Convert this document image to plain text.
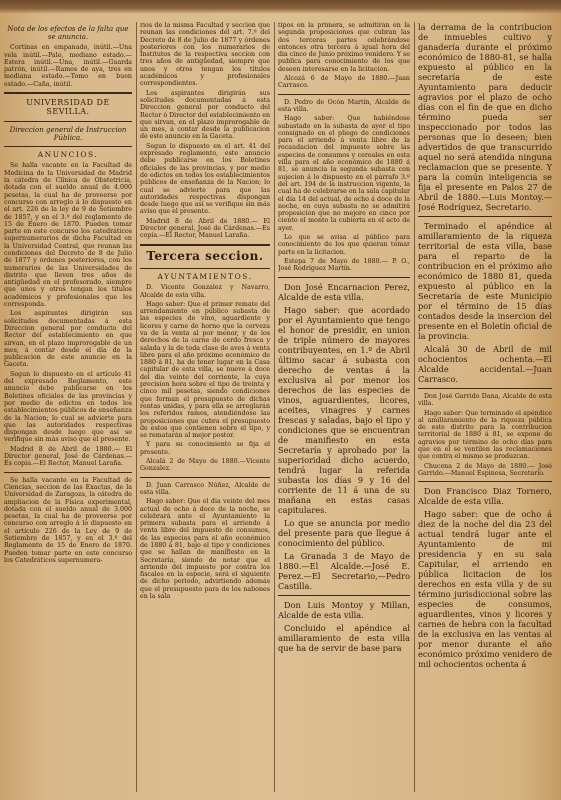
Nota de los efectos de la falta que se anuncia.

Cortinas en empanado, inútil.—Una vela inútil.—Palo, mediano estado.—Estera inútil.—Una, inútil.—Guarda patrón, inútil.—Ramos de aya, tres en mediana estado.—Tomo en buen estado.—Caña, inútil.

UNIVERSIDAD DE SEVILLA.
Direccion general de Instruccion Pública.
ANUNCIOS.

Se halla vacante en la Facultad de Medicina de la Universidad de Madrid la cátedra de Clínica de Obstetricia, dotada con el sueldo anual de 4.000 pesetas, la cual ha de proveerse por concurso con arreglo á lo dispuesto en el art. 226 de la ley de 9 de Setiembre de 1857, y en el 3.º del reglamento de 15 de Enero de 1870. Pueden tomar parte en este concurso los catedráticos supernumerarios de dicha Facultad en la Universidad Central, que reunan las condiciones del Decreto de 8 de Julio de 1877 y órdenes posteriores, con los numerarios de las Universidades de distrito que lleven tres años de antigüedad en el profesorado, siempre que unos y otros tengan los títulos académicos y profesionales que les corresponda.

Los aspirantes dirigirán sus solicitudes documentadas á esta Direccion general por conducto del Rector del establecimiento en que sirvan, en el plazo improrogable de un mes, á contar desde el día de la publicacion de este anuncio en la Gaceta.

Segun lo dispuesto en el artículo 41 del expresado Reglamento, este anuncio debe publicarse en los Boletines oficiales de las provincias y por medio de edictos en todos los establecimientos públicos de enseñanza de la Nacion; lo cual se advierte para que las autoridades respectivas dispongan desde luego que así se verifique sin más aviso que el presente.

Madrid 8 de Abril de 1880.— El Director general, José de Cárdenas.—Es copia.—El Rector, Manuel Laraña.

Se halla vacante en la Facultad de Ciencias, seccion de las Exactas, de la Universidad de Zaragoza, la cátedra de ampliacion de la Física experimental, dotada con el sueldo anual de 3.000 pesetas, la cual ha de proveerse por concurso con arreglo á lo dispuesto en el artículo 226 de la Ley de 9 de Setiembre de 1857, y en el 3.º del Reglamento de 15 de Enero de 1870. Pueden tomar parte en este concurso los Catedráticos supernumera-

rios de la misma Facultad y seccion que reunan las condiciones del art. 7.º del Decreto de 8 de Julio de 1877 y órdenes posteriores con los numerarios de Institutos de la respectiva seccion con tres años de antigüedad, siempre que unos y otros tengan los títulos académicos y profesionales correspondientes.

Los aspirantes dirigirán sus solicitudes documentadas á esta Direccion general por conducto del Rector ó Director del establecimiento en que sirvan, en el plazo improrogable de un mes, á contar desde la publicacion de este anuncio en la Gaceta.

Segun lo dispuesto en el art. 41 del expresado reglamento, este anuncio debe publicarse en los Boletines oficiales de las provincias, y por medio de edictos en todos los establecimientos públicos de enseñanza de la Nacion; lo cual se advierte para que las autoridades respectivas dispongan desde luego que así se verifique sin más aviso que el presente.

Madrid 8 de Abril de 1880.— El Director general, José de Cárdenas.—Es copia.—El Rector, Manuel Laraña.

Tercera seccion.
AYUNTAMIENTOS.

D. Vicente Gonzalez y Navarro, Alcalde de esta villa.

Hago saber: Que el primer remate del arrendamiento en público subasta de las especies de vino, aguardiente y licores y carne de horno que la cerveza va de la venta al por menor, y de los derechos de la carne de cerdo fresca y salada y la de toda clase de aves á venta libre para el año próximo económico de 1880 á 81, ha de tener lugar en la Casa capitular de esta villa, se nueve á doce del dia veinte del corriente, la cuya precision hora sobre el tipo de treinta y cinco mil pesetas, siendo condiciones que forman el presupuesto de dichas rentas unidas, y para ella se arreglarán los referidos ramos, atendiéndose las proposiciones que cubra el presupuesto de estos que contienen sobre el tipo, y se rematarán al mejor postor.

Y para su conocimiento se fija el presente.

Alcalá 2 de Mayo de 1880.—Vicente Gonzalez.

D. Juan Carrasco Núñez, Alcalde de esta villa.

Hago saber: Que el dia veinte del mes actual de ocho á doce de la noche, se celebrará ante el Ayuntamiento la primera subasta para el arriendo á venta libre del impuesto de consumos, de las especies para el año económico de 1880 á 81, bajo el tipo y condiciones que se hallan de manifiesto en la Secretaría, siendo de notar que el arriendo del impuesto por contra los fiscales en la especie, será el siguiente de dicho periodo, advirtiendo además que el presupuesto para de los nabones en la sala

tipos en la primera, se admitirán en la segunda proposiciones que cubran las dos terceras partes celebrándose entonces otra tercera á igual hora del dia cinco de Junio próximo venidero. Y se publica para conocimiento de los que deseen interesarse en la licitacion.

Alcozá 6 de Mayo de 1880.—Juan Carrasco.

D. Pedro de Ocón Martín, Alcalde de esta villa.

Hago saber: Que habiéndose subastado en la subasta de ayer el tipo consignado en el pliego de condiciones para el arriendo á venta libre de la recaudacion del impuesto sobre las especies de consumos y cereales en esta villa para el año económico de 1880 á 81, se anuncia la segunda subasta con sujecion á lo dispuesto en el párrafo 3.º del art. 194 de la instruccion vigente, la cual ha de celebrarse en la sala capitular el día 14 del actual, de ocho á doce de la noche, en cuya subasta no se admitirá proposicion que no mejore en cinco por ciento el monto la cubierta en el acto de ayer.

Lo que se avisa al público para conocimiento de los que quieran tomar parte en la licitacion.

Estepa 7 de Mayo de 1880.— P. O., José Rodríguez Martín.

Don José Encarnacion Perez, Alcalde de esta villa.

Hago saber: que acordado por el Ayuntamiento que tengo el honor de presidir, en union de triple número de mayores contribuyentes, en 1.º de Abril último sacar á subasta con derecho de ventas á la exclusiva al por menor los derechos de las especies de vinos, aguardientes, licores, aceites, vinagres y carnes frescas y saladas, bajo el tipo y condiciones que se encuentran de manifiesto en esta Secretaría y aprobado por la superioridad dicho acuerdo, tendrá lugar la referida subasta los días 9 y 16 del corriente de 11 á una de su mañana en estas casas capitulares.

Lo que se anuncia por medio del presente para que llegue á conocimiento del público.

La Granada 3 de Mayo de 1880.—El Alcalde.—José E. Perez.—El Secretario,—Pedro Castilla.

Don Luis Montoy y Millan, Alcalde de esta villa.

Concluido el apéndice al amillaramiento de esta villa que ha de servir de base para

la derrama de la contribucion de inmuebles cultivo y ganadería durante el próximo económico de 1880-81, se halla expuesto al público en la secretaría de este Ayuntamiento para deducir agravios por el plazo de ocho días con el fin de que en dicho término pueda ser inspeccionado por todos las personas que lo deseen; bien advertidos de que transcurrido aquel no será atendida ninguna reclamacion que se presente. Y para la común inteligencia se fija el presente en Palos 27 de Abril de 1880.—Luis Montoy.—José Rodríguez, Secretario.

Terminado el apéndice al amillaramiento de la riqueza territorial de esta villa, base para el reparto de la contribucion en el próximo año económico de 1880 81, queda expuesto al público en la Secretaría de este Municipio por el término de 15 días contados desde la insercion del presente en el Boletín oficial de la provincia.

Alcalá 30 de Abril de mil ochocientos ochenta.—El Alcalde accidental.—Juan Carrasco.

Don José Garrido Dana, Alcalde de esta villa.

Hago saber: Que terminado el apéndice al amillaramiento de la riqueza pública de este distrito para la contribucion territorial de 1880 á 81, se expone de agravios por término de ocho días para que en el se ventilen las reclamaciones que contra el mismo se produzcan.

Chucena 2 de Mayo de 1880.— José Garrido.—Manuel Espinosa, Secretario.

Don Francisco Diaz Tornero, Alcalde de esta villa.

Hago saber: que de ocho á diez de la noche del dia 23 del actual tendrá lugar ante el Ayuntamiento de mi presidencia y en su sala Capitular, el arriendo en pública licitacion de los derechos en esta villa y de su término jurisdiccional sobre las especies de consumos, aguardientes, vinos y licores y carnes de hebra con la facultad de la exclusiva en las ventas al por menor durante el año económico próximo venidero de mil ochocientos ochenta á
